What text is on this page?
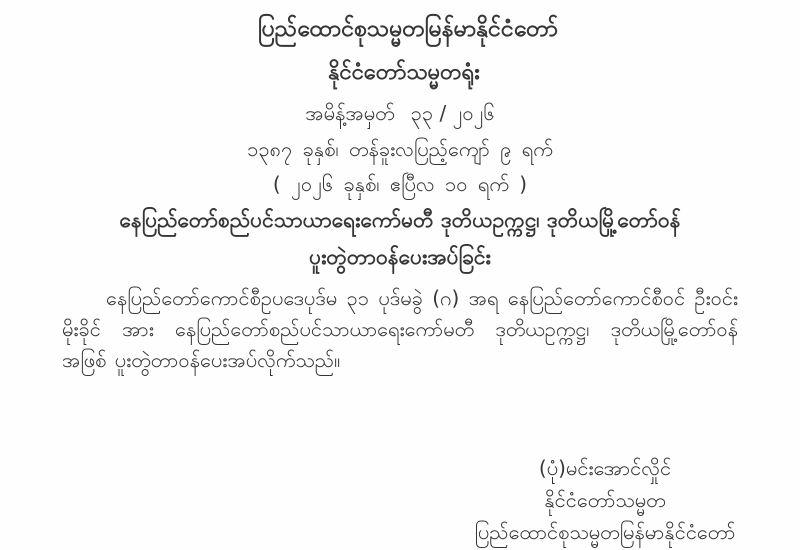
ပြည်ထောင်စုသမ္မတမြန်မာနိုင်ငံတော်
နိုင်ငံတော်သမ္မတရုံး
အမိန့်အမှတ် ၃၃ / ၂၀၂၆
၁၃၈၇ ခုနှစ်၊ တန်ခူးလပြည့်ကျော် ၉ ရက်
( ၂၀၂၆ ခုနှစ်၊ ဧပြီလ ၁၀ ရက် )
နေပြည်တော်စည်ပင်သာယာရေးကော်မတီ ဒုတိယဥက္ကဋ္ဌ၊ ဒုတိယမြို့တော်ဝန်
ပူးတွဲတာဝန်ပေးအပ်ခြင်း

နေပြည်တော်ကောင်စီဥပဒေပုဒ်မ ၃၁ ပုဒ်မခွဲ (ဂ) အရ နေပြည်တော်ကောင်စီဝင် ဦးဝင်းမိုးခိုင် အား နေပြည်တော်စည်ပင်သာယာရေးကော်မတီ ဒုတိယဥက္ကဋ္ဌ၊ ဒုတိယမြို့တော်ဝန် အဖြစ် ပူးတွဲတာဝန်ပေးအပ်လိုက်သည်။

(ပုံ)မင်းအောင်လှိုင်
နိုင်ငံတော်သမ္မတ
ပြည်ထောင်စုသမ္မတမြန်မာနိုင်ငံတော်
